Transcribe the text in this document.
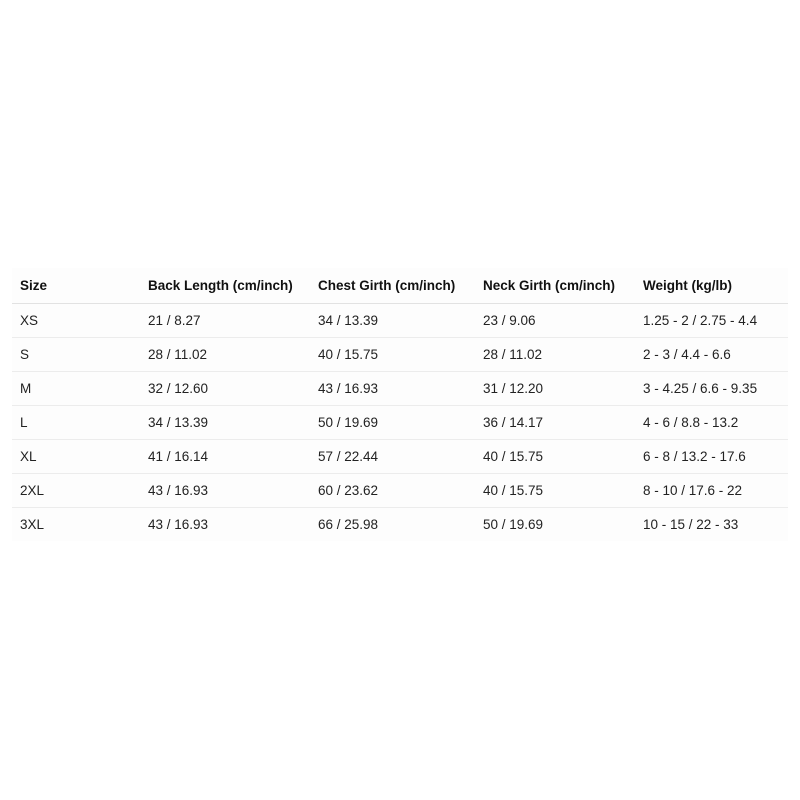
Size	Back Length (cm/inch)	Chest Girth (cm/inch)	Neck Girth (cm/inch)	Weight (kg/lb)
XS	21 / 8.27	34 / 13.39	23 / 9.06	1.25 - 2 / 2.75 - 4.4
S	28 / 11.02	40 / 15.75	28 / 11.02	2 - 3 / 4.4 - 6.6
M	32 / 12.60	43 / 16.93	31 / 12.20	3 - 4.25 / 6.6 - 9.35
L	34 / 13.39	50 / 19.69	36 / 14.17	4 - 6 / 8.8 - 13.2
XL	41 / 16.14	57 / 22.44	40 / 15.75	6 - 8 / 13.2 - 17.6
2XL	43 / 16.93	60 / 23.62	40 / 15.75	8 - 10 / 17.6 - 22
3XL	43 / 16.93	66 / 25.98	50 / 19.69	10 - 15 / 22 - 33
